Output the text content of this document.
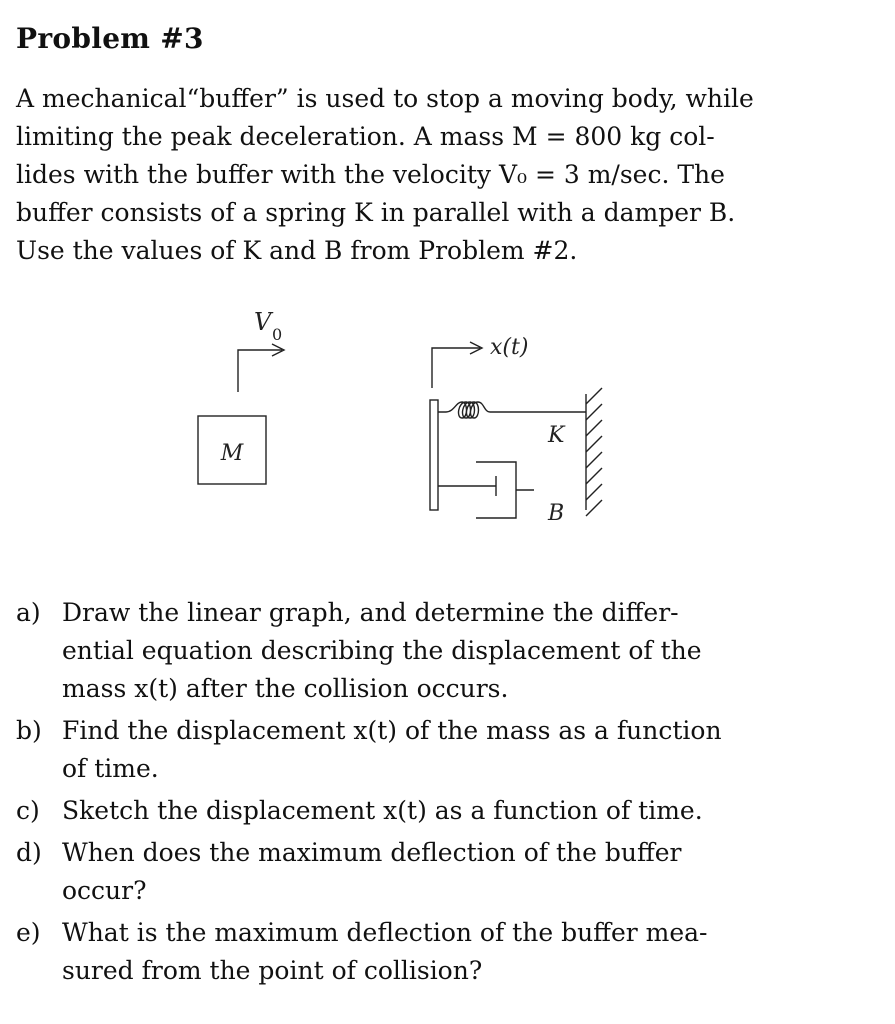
Problem #3
A mechanical“buffer” is used to stop a moving body, while
limiting the peak deceleration. A mass M = 800 kg col-
lides with the buffer with the velocity V₀ = 3 m/sec. The
buffer consists of a spring K in parallel with a damper B.
Use the values of K and B from Problem #2.
V 0
M
x(t)
K
B
a) Draw the linear graph, and determine the differ-
ential equation describing the displacement of the
mass x(t) after the collision occurs.
b) Find the displacement x(t) of the mass as a function
of time.
c) Sketch the displacement x(t) as a function of time.
d) When does the maximum deflection of the buffer
occur?
e) What is the maximum deflection of the buffer mea-
sured from the point of collision?
